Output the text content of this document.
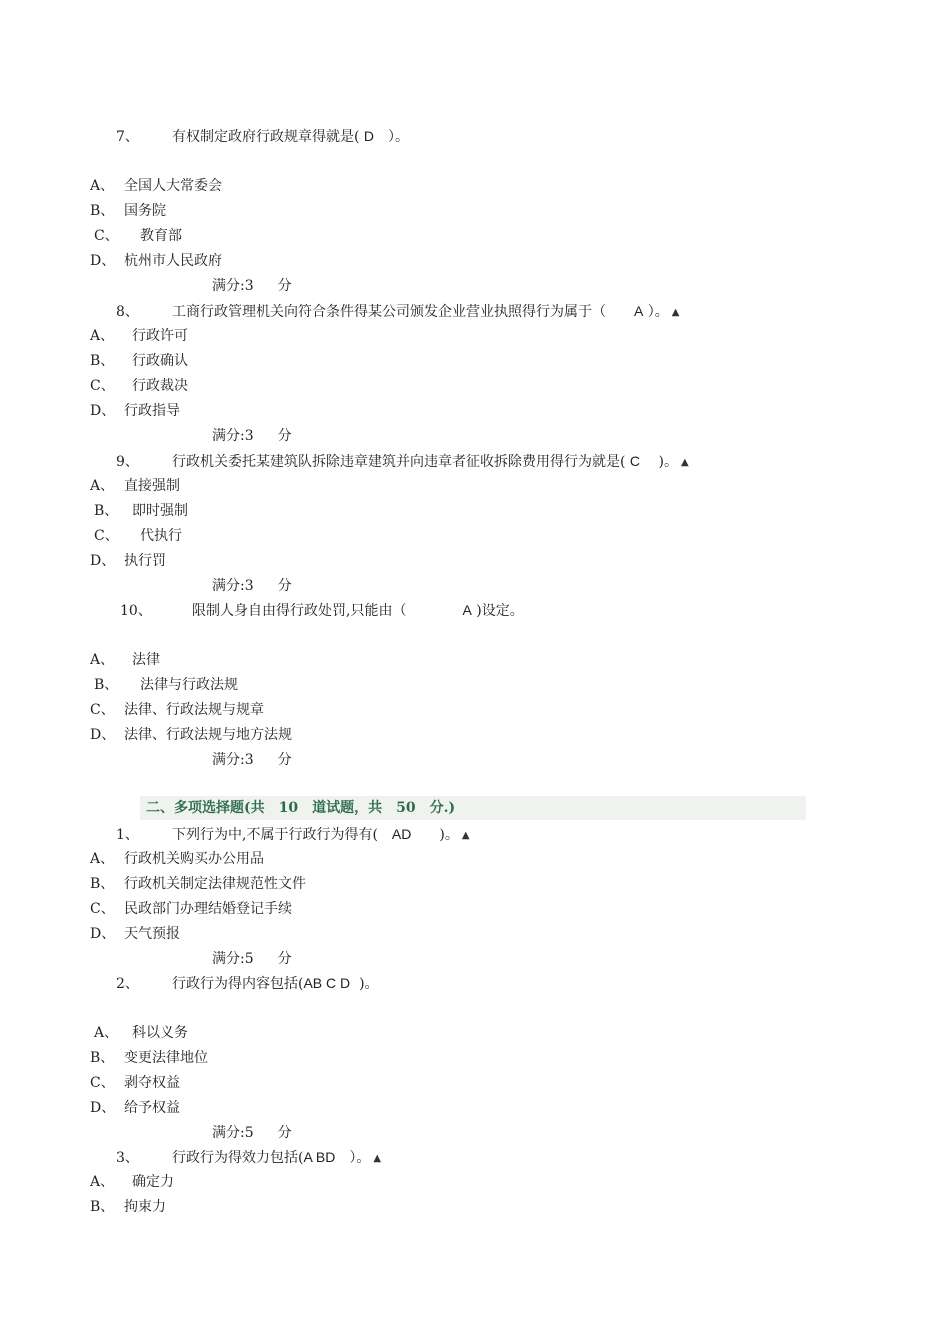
7、 有权制定政府行政规章得就是( D　 ）。
A、 全国人大常委会
B、 国务院
C、 教育部
D、 杭州市人民政府
满分:3 分
8、 工商行政管理机关向符合条件得某公司颁发企业营业执照得行为属于（　　 A ）。 ▲
A、 行政许可
B、 行政确认
C、 行政裁决
D、 行政指导
满分:3 分
9、 行政机关委托某建筑队拆除违章建筑并向违章者征收拆除费用得行为就是( C　 )。 ▲
A、 直接强制
B、 即时强制
C、 代执行
D、 执行罚
满分:3 分
10、	限制人身自由得行政处罚,只能由（　　　　	A )设定。
A、 法律
B、 法律与行政法规
C、 法律、行政法规与规章
D、 法律、行政法规与地方法规
满分:3 分
二、多项选择题(共　10　道试题，共　50　分.)
1、 下列行为中,不属于行政行为得有(　 AD　　 )。 ▲
A、 行政机关购买办公用品
B、 行政机关制定法律规范性文件
C、 民政部门办理结婚登记手续
D、 天气预报
满分:5 分
2、 行政行为得内容包括(AB C D )。
A、 科以义务
B、 变更法律地位
C、 剥夺权益
D、 给予权益
满分:5 分
3、 行政行为得效力包括(A BD　 ）。 ▲
A、 确定力
B、 拘束力
